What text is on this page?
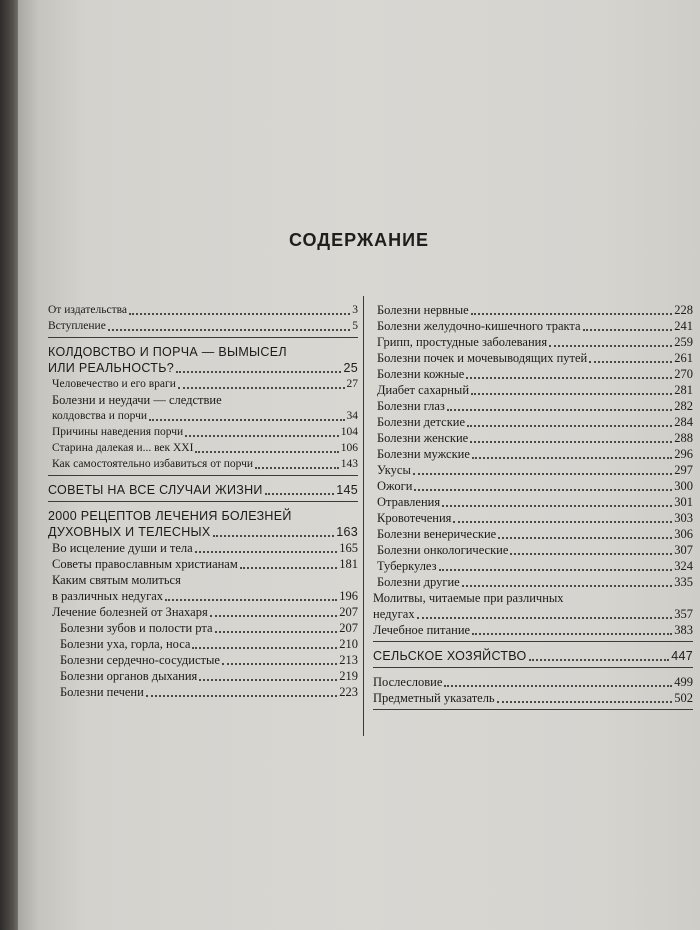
СОДЕРЖАНИЕ
От издательства	3
Вступление	5
КОЛДОВСТВО И ПОРЧА — ВЫМЫСЕЛ
ИЛИ РЕАЛЬНОСТЬ?	25
Человечество и его враги	27
Болезни и неудачи — следствие
колдовства и порчи	34
Причины наведения порчи	104
Старина далекая и... век XXI	106
Как самостоятельно избавиться от порчи	143
СОВЕТЫ НА ВСЕ СЛУЧАИ ЖИЗНИ	145
2000 РЕЦЕПТОВ ЛЕЧЕНИЯ БОЛЕЗНЕЙ
ДУХОВНЫХ И ТЕЛЕСНЫХ	163
Во исцеление души и тела	165
Советы православным христианам	181
Каким святым молиться
в различных недугах	196
Лечение болезней от Знахаря	207
Болезни зубов и полости рта	207
Болезни уха, горла, носа	210
Болезни сердечно-сосудистые	213
Болезни органов дыхания	219
Болезни печени	223
Болезни нервные	228
Болезни желудочно-кишечного тракта	241
Грипп, простудные заболевания	259
Болезни почек и мочевыводящих путей	261
Болезни кожные	270
Диабет сахарный	281
Болезни глаз	282
Болезни детские	284
Болезни женские	288
Болезни мужские	296
Укусы	297
Ожоги	300
Отравления	301
Кровотечения	303
Болезни венерические	306
Болезни онкологические	307
Туберкулез	324
Болезни другие	335
Молитвы, читаемые при различных
недугах	357
Лечебное питание	383
СЕЛЬСКОЕ ХОЗЯЙСТВО	447
Послесловие	499
Предметный указатель	502
